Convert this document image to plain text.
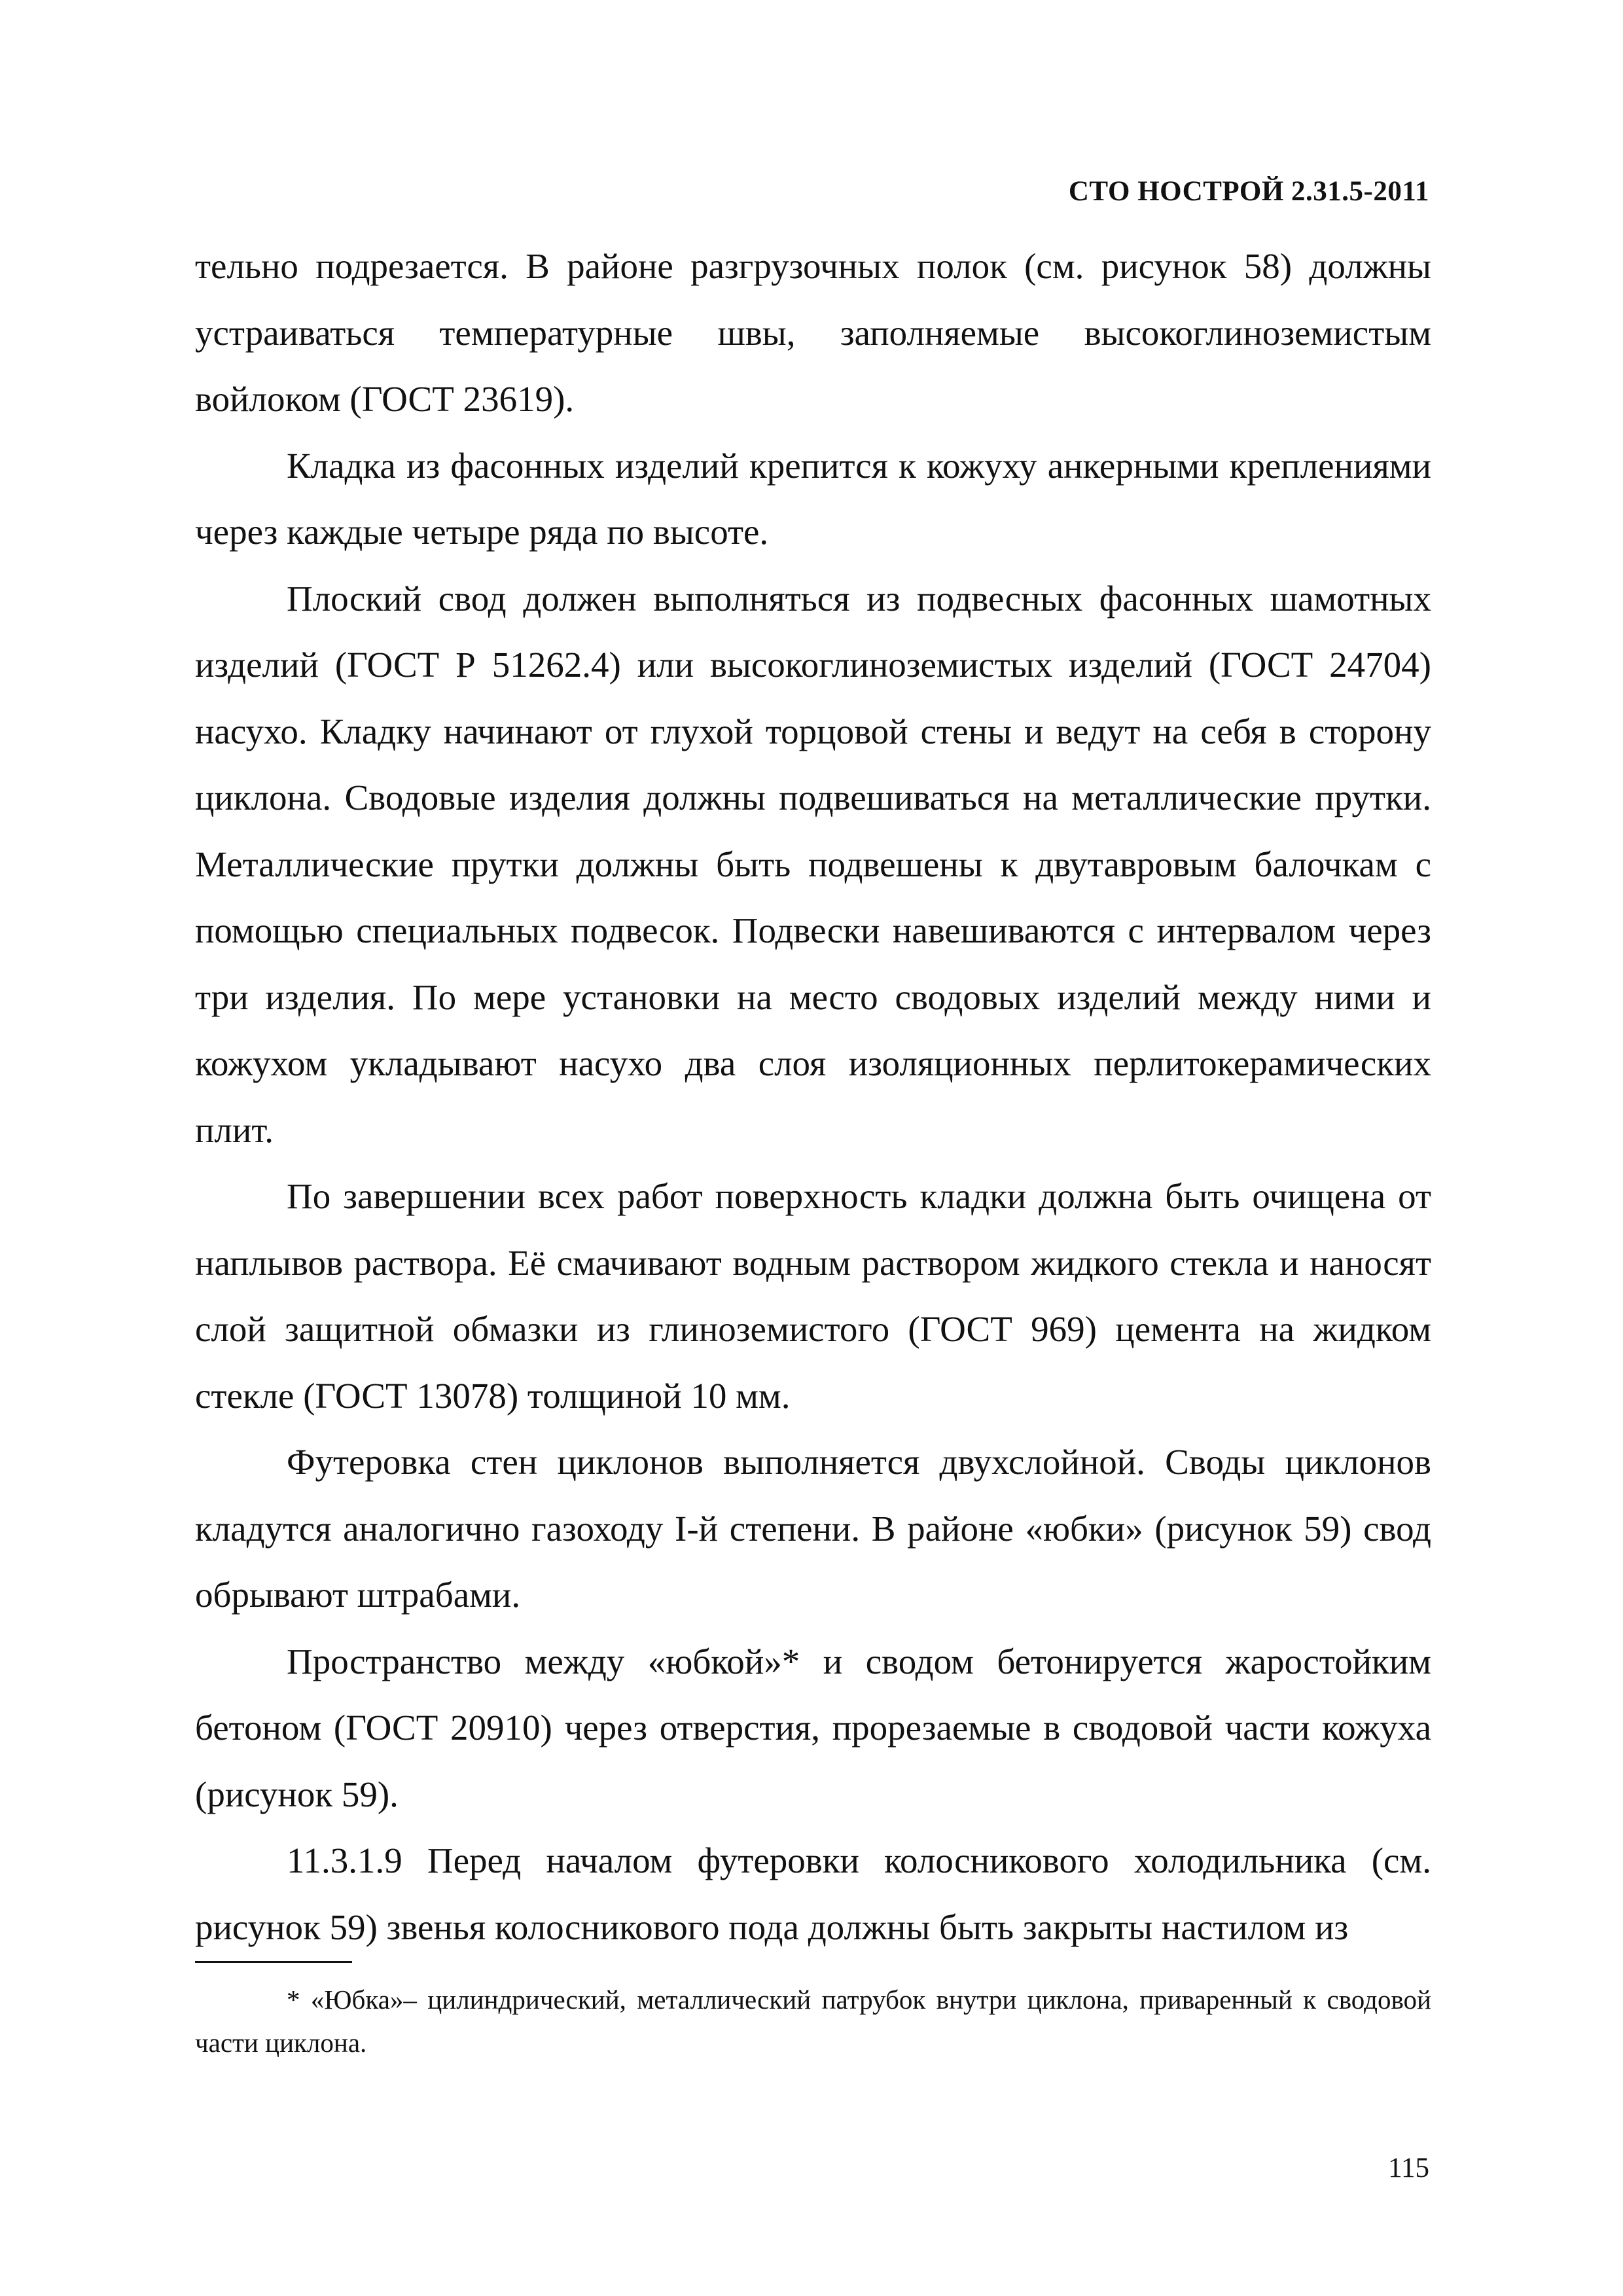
СТО НОСТРОЙ 2.31.5-2011

тельно подрезается. В районе разгрузочных полок (см. рисунок 58) должны устраиваться температурные швы, заполняемые высокоглиноземистым войлоком (ГОСТ 23619).

Кладка из фасонных изделий крепится к кожуху анкерными креплениями через каждые четыре ряда по высоте.

Плоский свод должен выполняться из подвесных фасонных шамотных изделий (ГОСТ Р 51262.4) или высокоглиноземистых изделий (ГОСТ 24704) насухо. Кладку начинают от глухой торцовой стены и ведут на себя в сторону циклона. Сводовые изделия должны подвешиваться на металлические прутки. Металлические прутки должны быть подвешены к двутавровым балочкам с помощью специальных подвесок. Подвески навешиваются с интервалом через три изделия. По мере установки на место сводовых изделий между ними и кожухом укладывают насухо два слоя изоляционных перлитокерамических плит.

По завершении всех работ поверхность кладки должна быть очищена от наплывов раствора. Её смачивают водным раствором жидкого стекла и наносят слой защитной обмазки из глиноземистого (ГОСТ 969) цемента на жидком стекле (ГОСТ 13078) толщиной 10 мм.

Футеровка стен циклонов выполняется двухслойной. Своды циклонов кладутся аналогично газоходу I-й степени. В районе «юбки» (рисунок 59) свод обрывают штрабами.

Пространство между «юбкой»* и сводом бетонируется жаростойким бетоном (ГОСТ 20910) через отверстия, прорезаемые в сводовой части кожуха (рисунок 59).

11.3.1.9 Перед началом футеровки колосникового холодильника (см. рисунок 59) звенья колосникового пода должны быть закрыты настилом из

* «Юбка»– цилиндрический, металлический патрубок внутри циклона, приваренный к сводовой части циклона.

115
